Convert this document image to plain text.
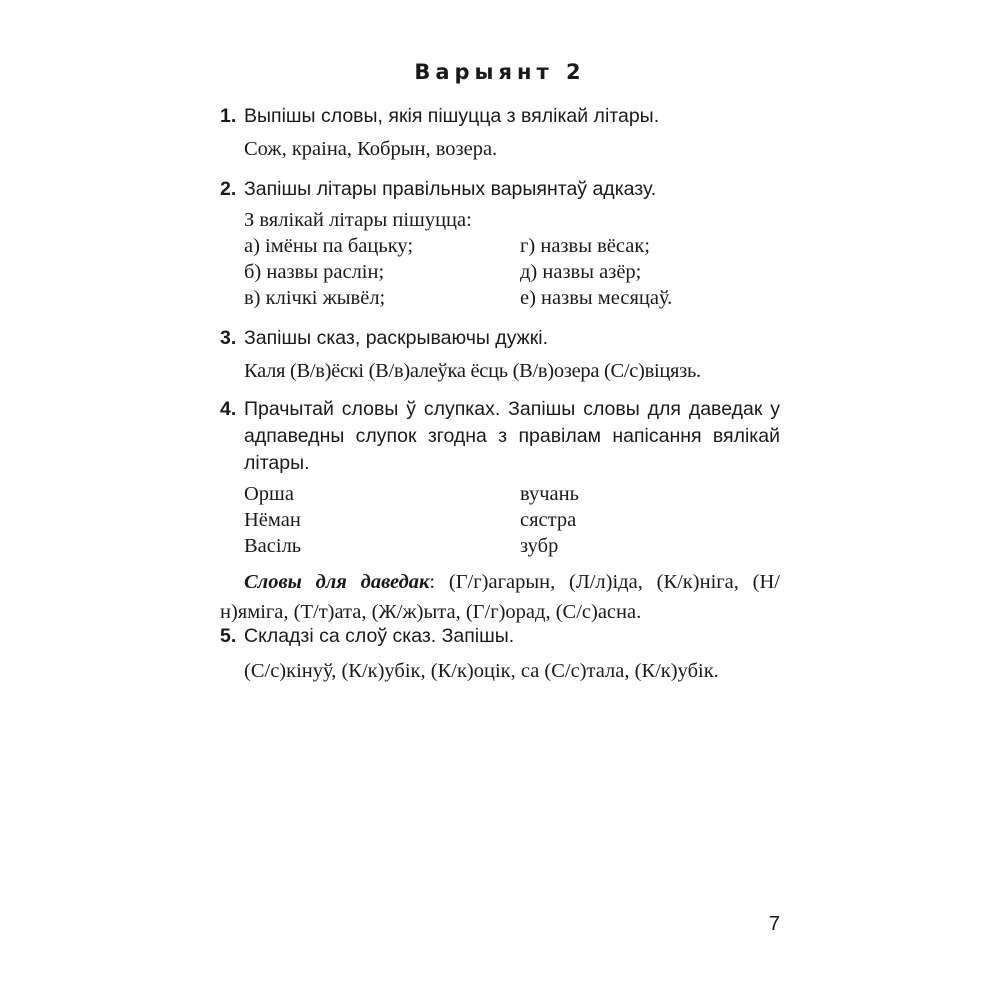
Варыянт 2
1. Выпішы словы, якія пішуцца з вялікай літары.
Сож, краіна, Кобрын, возера.
2. Запішы літары правільных варыянтаў адказу.
З вялікай літары пішуцца:
а) імёны па бацьку;	г) назвы вёсак;
б) назвы раслін;	д) назвы азёр;
в) клічкі жывёл;	е) назвы месяцаў.
3. Запішы сказ, раскрываючы дужкі.
Каля (В/в)ёскі (В/в)алеўка ёсць (В/в)озера (С/с)віцязь.
4. Прачытай словы ў слупках. Запішы словы для даведак у адпаведны слупок згодна з правілам напісання вялікай літары.
Орша	вучань
Нёман	сястра
Васіль	зубр
Словы для даведак: (Г/г)агарын, (Л/л)іда, (К/к)ніга, (Н/н)яміга, (Т/т)ата, (Ж/ж)ыта, (Г/г)орад, (С/с)асна.
5. Складзі са слоў сказ. Запішы.
(С/с)кінуў, (К/к)убік, (К/к)оцік, са (С/с)тала, (К/к)убік.
7
